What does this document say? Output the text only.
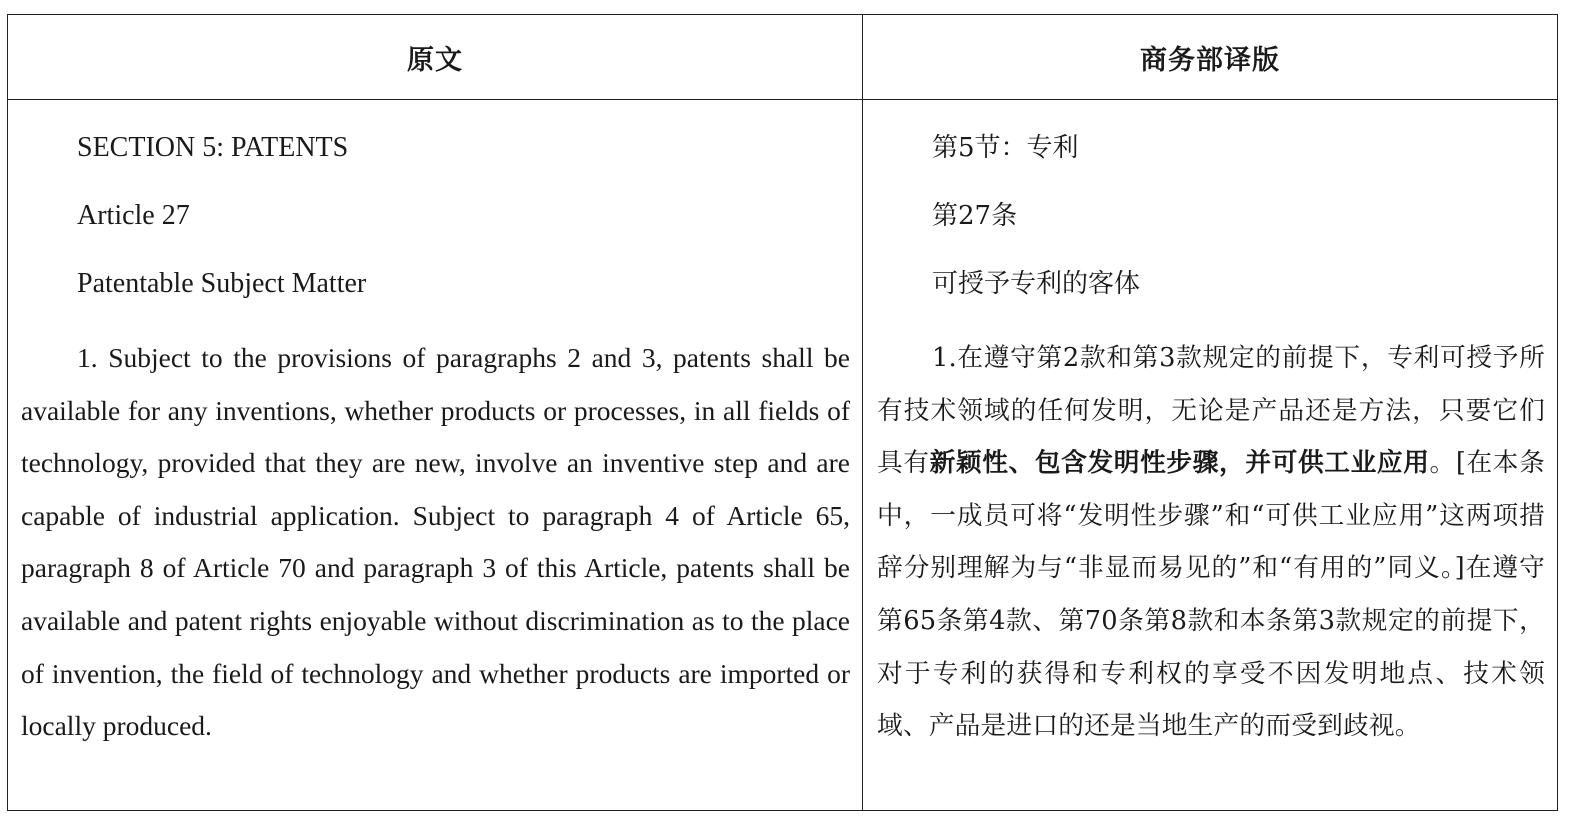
原文	商务部译版

SECTION 5: PATENTS

Article 27

Patentable Subject Matter

1. Subject to the provisions of paragraphs 2 and 3, patents shall be available for any inventions, whether products or processes, in all fields of technology, provided that they are new, involve an inventive step and are capable of industrial application. Subject to paragraph 4 of Article 65, paragraph 8 of Article 70 and paragraph 3 of this Article, patents shall be available and patent rights enjoyable without discrimination as to the place of invention, the field of technology and whether products are imported or locally produced.

第5节：专利

第27条

可授予专利的客体

1.在遵守第2款和第3款规定的前提下，专利可授予所有技术领域的任何发明，无论是产品还是方法，只要它们具有新颖性、包含发明性步骤，并可供工业应用。[在本条中，一成员可将“发明性步骤”和“可供工业应用”这两项措辞分别理解为与“非显而易见的”和“有用的”同义。]在遵守第65条第4款、第70条第8款和本条第3款规定的前提下，对于专利的获得和专利权的享受不因发明地点、技术领域、产品是进口的还是当地生产的而受到歧视。
